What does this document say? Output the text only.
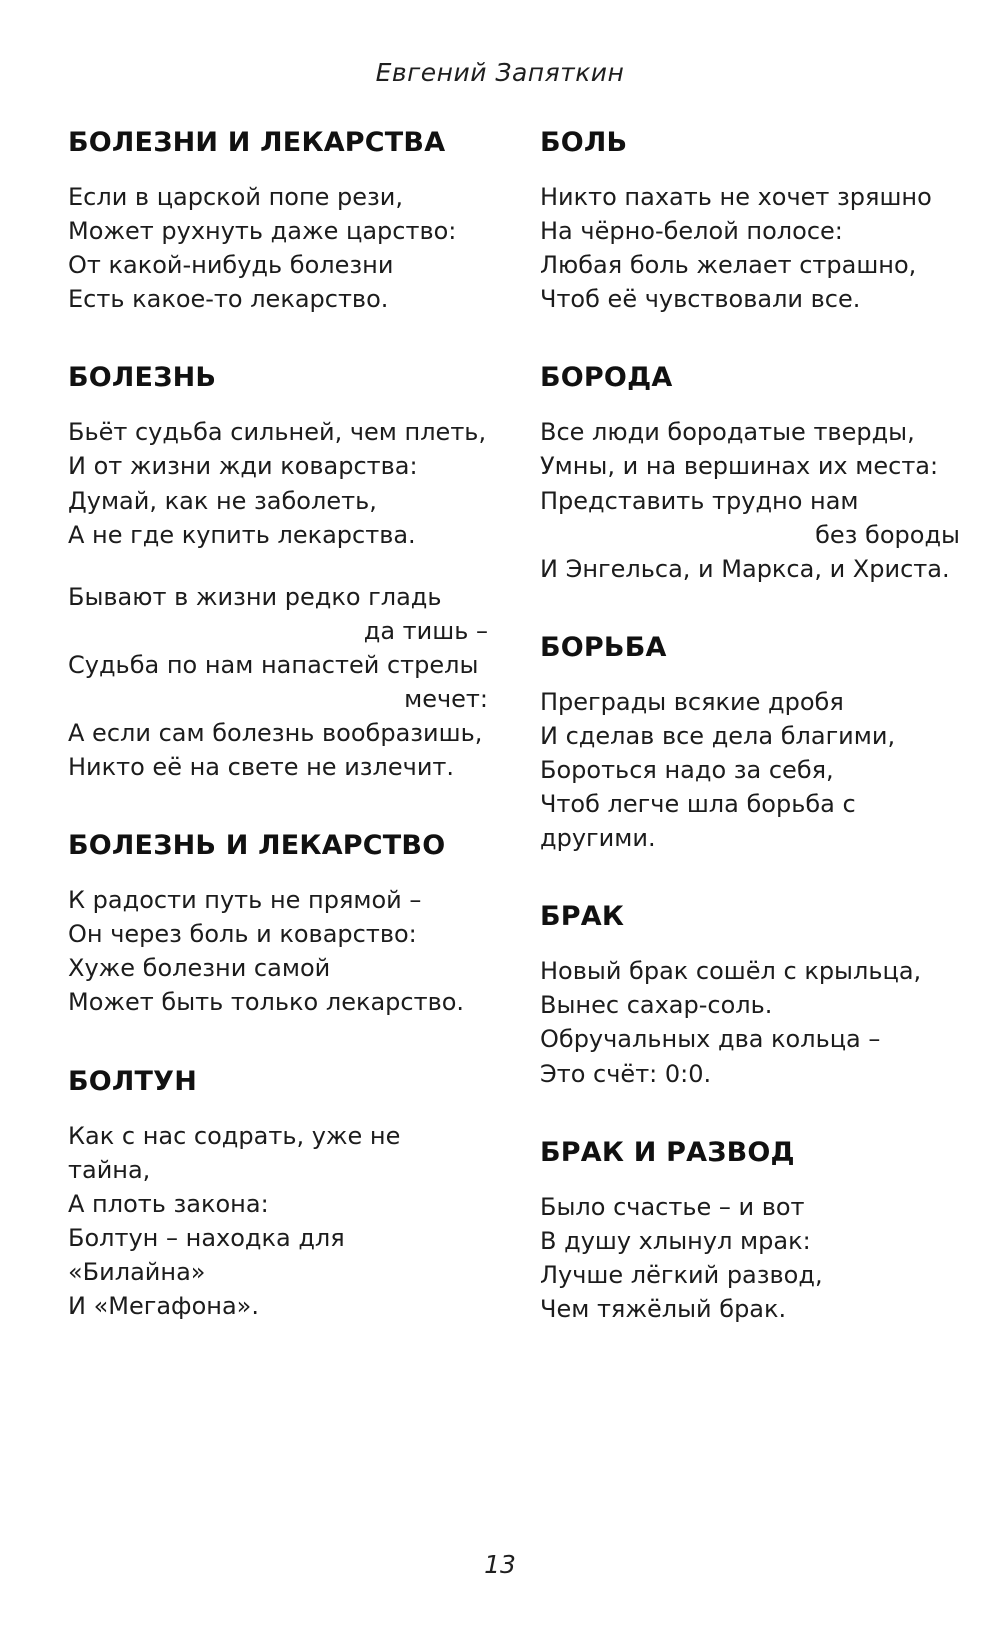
Евгений Запяткин
БОЛЕЗНИ И ЛЕКАРСТВА
Если в царской попе рези,
Может рухнуть даже царство:
От какой-нибудь болезни
Есть какое-то лекарство.
БОЛЕЗНЬ
Бьёт судьба сильней, чем плеть,
И от жизни жди коварства:
Думай, как не заболеть,
А не где купить лекарства.
Бывают в жизни редко гладь
да тишь –
Судьба по нам напастей стрелы
мечет:
А если сам болезнь вообразишь,
Никто её на свете не излечит.
БОЛЕЗНЬ И ЛЕКАРСТВО
К радости путь не прямой –
Он через боль и коварство:
Хуже болезни самой
Может быть только лекарство.
БОЛТУН
Как с нас содрать, уже не тайна,
А плоть закона:
Болтун – находка для «Билайна»
И «Мегафона».
БОЛЬ
Никто пахать не хочет зряшно
На чёрно-белой полосе:
Любая боль желает страшно,
Чтоб её чувствовали все.
БОРОДА
Все люди бородатые тверды,
Умны, и на вершинах их места:
Представить трудно нам
без бороды
И Энгельса, и Маркса, и Христа.
БОРЬБА
Преграды всякие дробя
И сделав все дела благими,
Бороться надо за себя,
Чтоб легче шла борьба с другими.
БРАК
Новый брак сошёл с крыльца,
Вынес сахар-соль.
Обручальных два кольца –
Это счёт: 0:0.
БРАК И РАЗВОД
Было счастье – и вот
В душу хлынул мрак:
Лучше лёгкий развод,
Чем тяжёлый брак.
13
